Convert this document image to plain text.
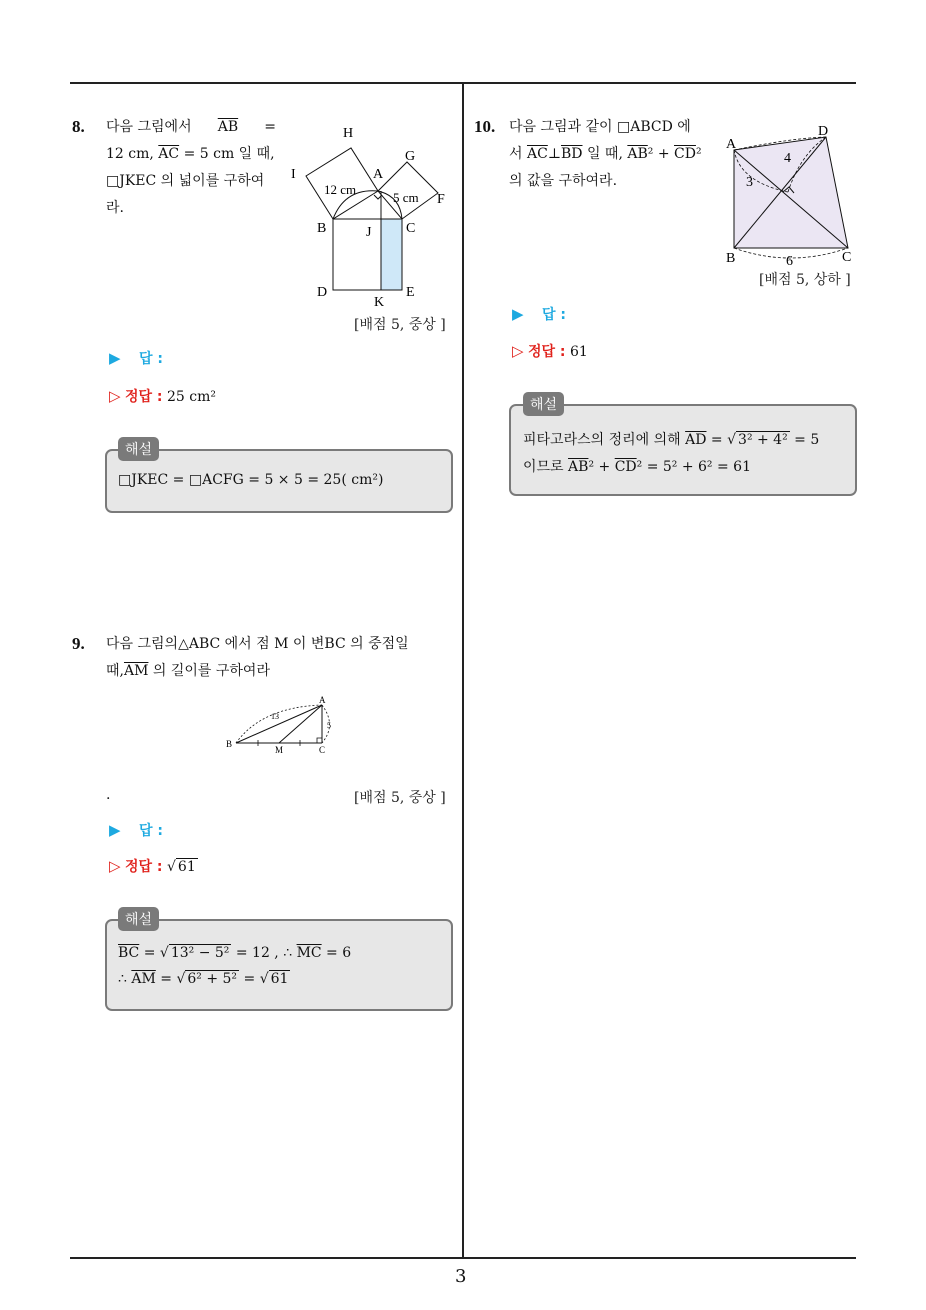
3
8. 다음 그림에서 $\overline{AB}$ =
12 cm, $\overline{AC} = 5$ cm 일 때,
□JKEC 의 넓이를 구하여
라.
H
I	A
G
F
B	C
J
D
K
E
12 cm
5 cm
[배점 5, 중상 ]
▶ 답 :
▷ 정답 : 25 cm²
해설
□JKEC = □ACFG = 5 × 5 = 25( cm²)
9. 다음 그림의△ABC 에서 점 M 이 변BC 의 중점일
때$,\overline{AM}$ 의 길이를 구하여라
A
B
M	C
13
5
.	[배점 5, 중상 ]
▶ 답 :
▷ 정답 : √ 61
해설
$\overline{BC}$ = √ 13² − 5² = 12 , ∴ $\overline{MC} = 6$
∴ $\overline{AM}$ = √ 6² + 5² = √ 61
10. 다음 그림과 같이 □ABCD 에
서 $\overline{AC}\perp\overline{BD}$ 일 때, $\overline{AB}^2 + \overline{CD}^2$
의 값을 구하여라.
A
D
B	C
4
3
6
[배점 5, 상하 ]
▶ 답 :
▷ 정답 : 61
해설
피타고라스의 정리에 의해 $\overline{AD}$ = √ 3² + 4² = 5
이므로 $\overline{AB}^2 + \overline{CD}^2 = 5^2 + 6^2 = 61$
